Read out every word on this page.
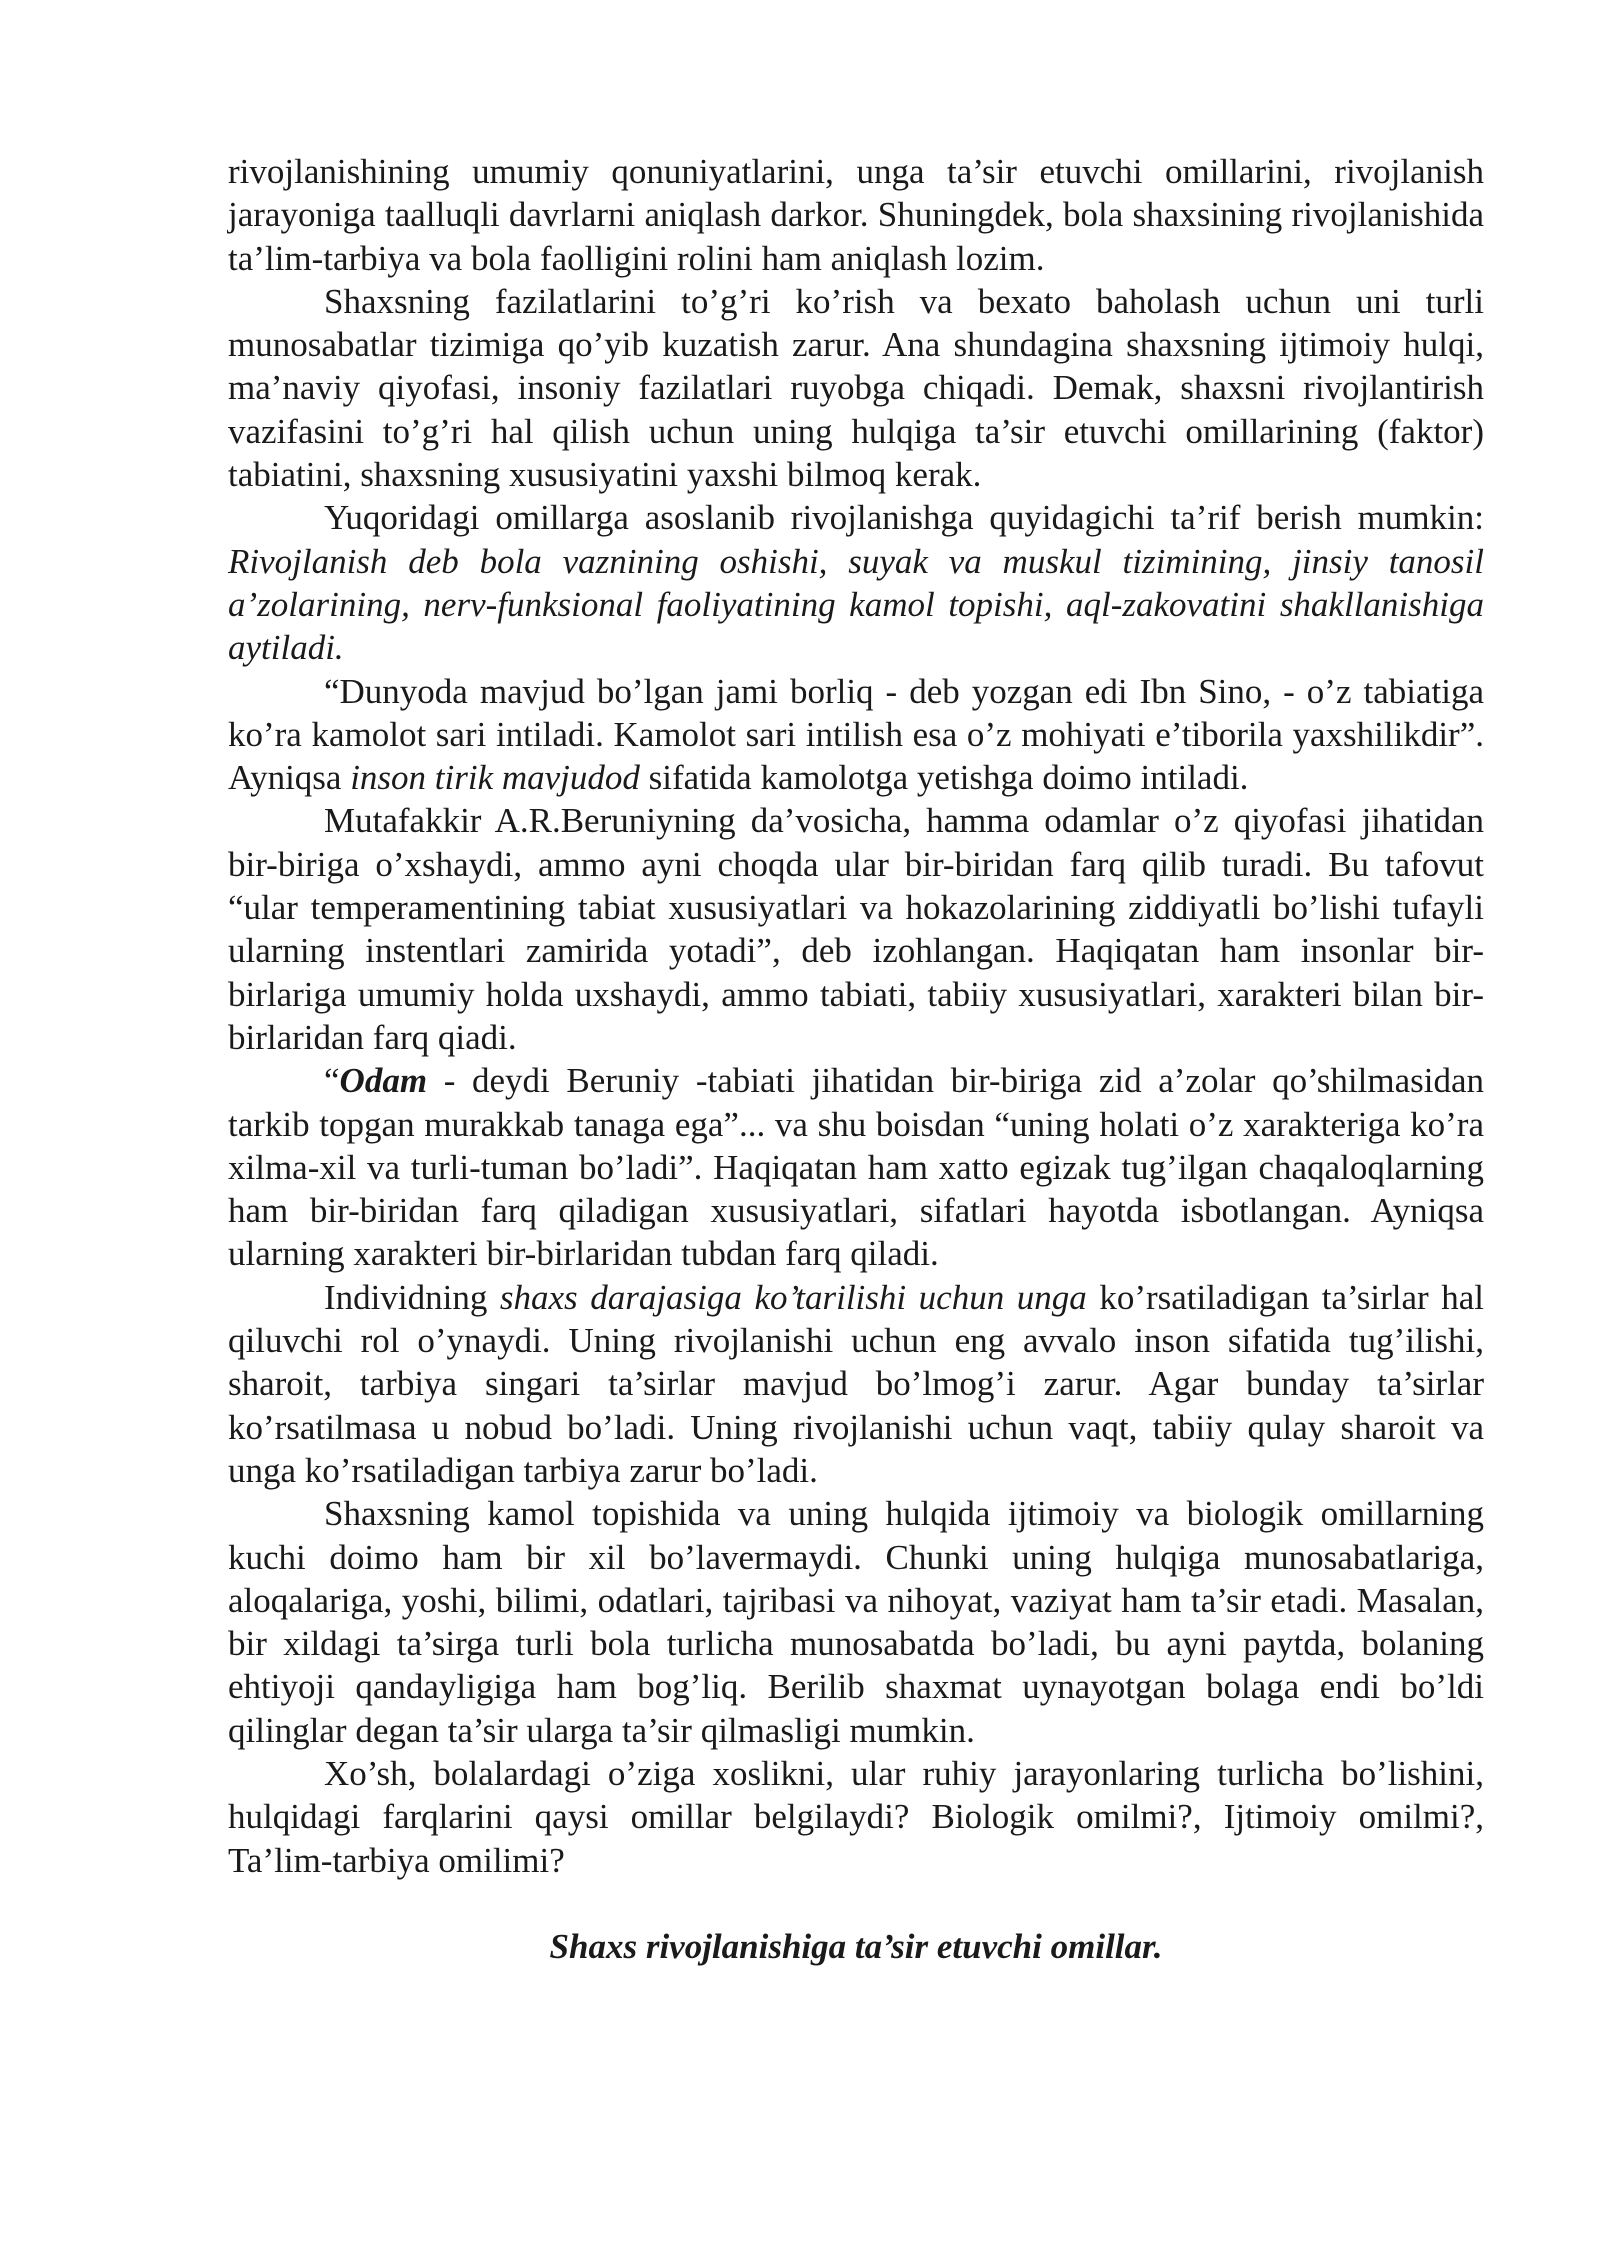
rivojlanishining umumiy qonuniyatlarini, unga ta’sir etuvchi omillarini, rivojlanish jarayoniga taalluqli davrlarni aniqlash darkor. Shuningdek, bola shaxsining rivojlanishida ta’lim-tarbiya va bola faolligini rolini ham aniqlash lozim.

Shaxsning fazilatlarini to’g’ri ko’rish va bexato baholash uchun uni turli munosabatlar tizimiga qo’yib kuzatish zarur. Ana shundagina shaxsning ijtimoiy hulqi, ma’naviy qiyofasi, insoniy fazilatlari ruyobga chiqadi. Demak, shaxsni rivojlantirish vazifasini to’g’ri hal qilish uchun uning hulqiga ta’sir etuvchi omillarining (faktor) tabiatini, shaxsning xususiyatini yaxshi bilmoq kerak.

Yuqoridagi omillarga asoslanib rivojlanishga quyidagichi ta’rif berish mumkin: Rivojlanish deb bola vaznining oshishi, suyak va muskul tizimining, jinsiy tanosil a’zolarining, nerv-funksional faoliyatining kamol topishi, aql-zakovatini shakllanishiga aytiladi.

“Dunyoda mavjud bo’lgan jami borliq - deb yozgan edi Ibn Sino, - o’z tabiatiga ko’ra kamolot sari intiladi. Kamolot sari intilish esa o’z mohiyati e’tiborila yaxshilikdir”. Ayniqsa inson tirik mavjudod sifatida kamolotga yetishga doimo intiladi.

Mutafakkir A.R.Beruniyning da’vosicha, hamma odamlar o’z qiyofasi jihatidan bir-biriga o’xshaydi, ammo ayni choqda ular bir-biridan farq qilib turadi. Bu tafovut “ular temperamentining tabiat xususiyatlari va hokazolarining ziddiyatli bo’lishi tufayli ularning instentlari zamirida yotadi”, deb izohlangan. Haqiqatan ham insonlar bir-birlariga umumiy holda uxshaydi, ammo tabiati, tabiiy xususiyatlari, xarakteri bilan bir-birlaridan farq qiadi.

“Odam - deydi Beruniy -tabiati jihatidan bir-biriga zid a’zolar qo’shilmasidan tarkib topgan murakkab tanaga ega”... va shu boisdan “uning holati o’z xarakteriga ko’ra xilma-xil va turli-tuman bo’ladi”. Haqiqatan ham xatto egizak tug’ilgan chaqaloqlarning ham bir-biridan farq qiladigan xususiyatlari, sifatlari hayotda isbotlangan. Ayniqsa ularning xarakteri bir-birlaridan tubdan farq qiladi.

Individning shaxs darajasiga ko’tarilishi uchun unga ko’rsatiladigan ta’sirlar hal qiluvchi rol o’ynaydi. Uning rivojlanishi uchun eng avvalo inson sifatida tug’ilishi, sharoit, tarbiya singari ta’sirlar mavjud bo’lmog’i zarur. Agar bunday ta’sirlar ko’rsatilmasa u nobud bo’ladi. Uning rivojlanishi uchun vaqt, tabiiy qulay sharoit va unga ko’rsatiladigan tarbiya zarur bo’ladi.

Shaxsning kamol topishida va uning hulqida ijtimoiy va biologik omillarning kuchi doimo ham bir xil bo’lavermaydi. Chunki uning hulqiga munosabatlariga, aloqalariga, yoshi, bilimi, odatlari, tajribasi va nihoyat, vaziyat ham ta’sir etadi. Masalan, bir xildagi ta’sirga turli bola turlicha munosabatda bo’ladi, bu ayni paytda, bolaning ehtiyoji qandayligiga ham bog’liq. Berilib shaxmat uynayotgan bolaga endi bo’ldi qilinglar degan ta’sir ularga ta’sir qilmasligi mumkin.

Xo’sh, bolalardagi o’ziga xoslikni, ular ruhiy jarayonlaring turlicha bo’lishini, hulqidagi farqlarini qaysi omillar belgilaydi? Biologik omilmi?, Ijtimoiy omilmi?, Ta’lim-tarbiya omilimi?

Shaxs rivojlanishiga ta’sir etuvchi omillar.
